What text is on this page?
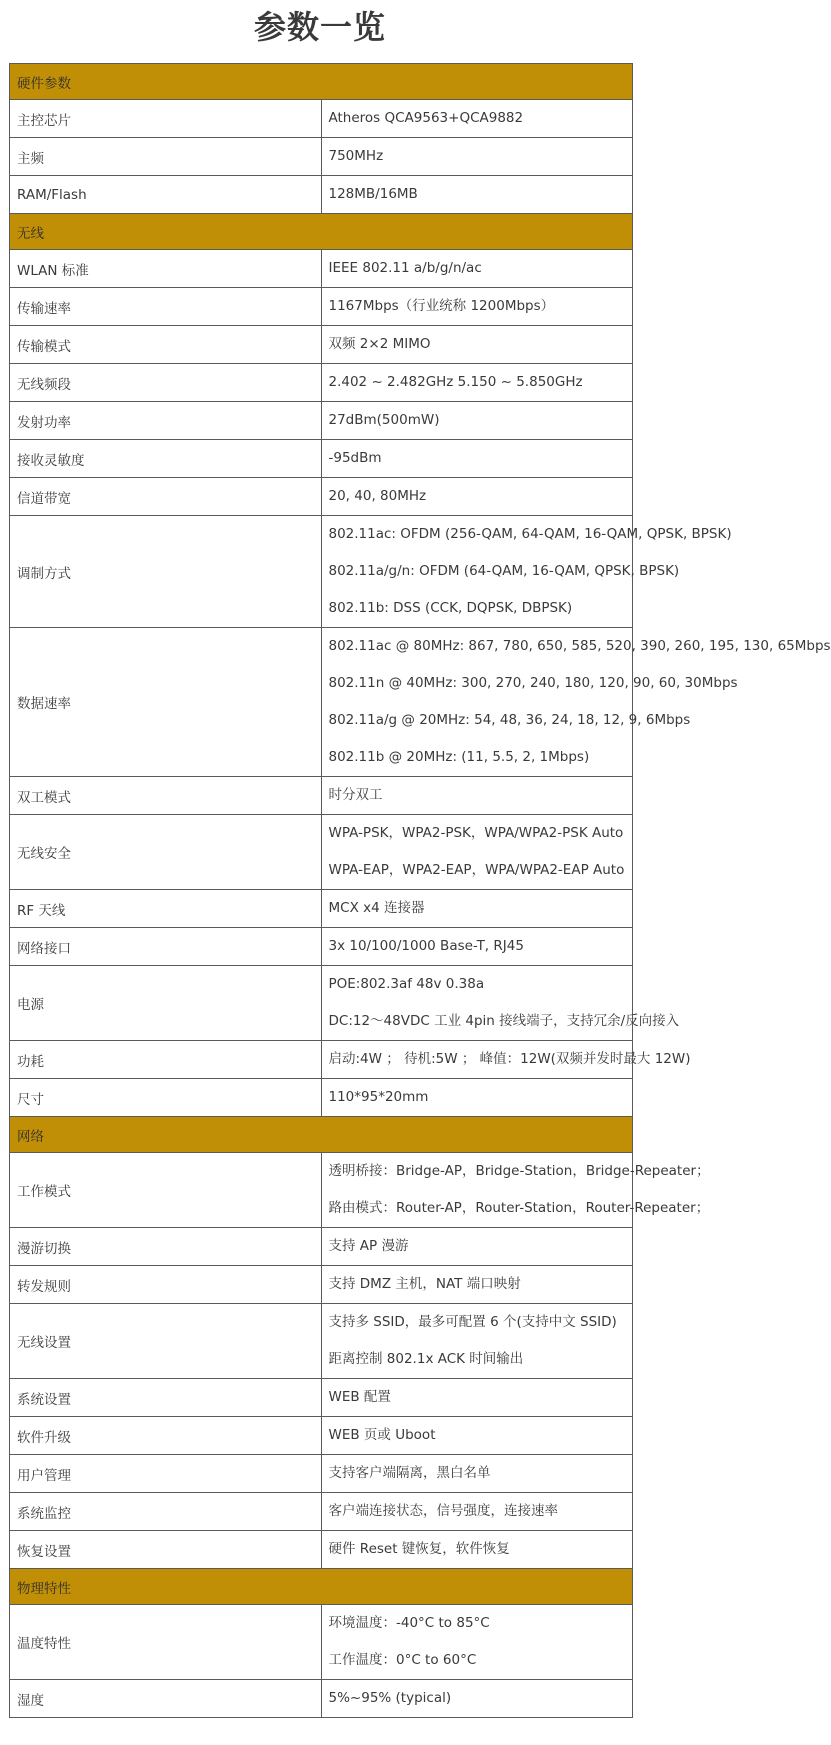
参数一览
硬件参数	
主控芯片	Atheros QCA9563+QCA9882

主频	750MHz

RAM/Flash	128MB/16MB

无线	
WLAN 标准	IEEE 802.11 a/b/g/n/ac

传输速率	1167Mbps（行业统称 1200Mbps）

传输模式	双频 2×2 MIMO

无线频段	2.402 ~ 2.482GHz 5.150 ~ 5.850GHz

发射功率	27dBm(500mW)

接收灵敏度	-95dBm

信道带宽	20, 40, 80MHz

调制方式	802.11ac: OFDM (256-QAM, 64-QAM, 16-QAM, QPSK, BPSK)
802.11a/g/n: OFDM (64-QAM, 16-QAM, QPSK, BPSK)
802.11b: DSS (CCK, DQPSK, DBPSK)

数据速率	802.11ac @ 80MHz: 867, 780, 650, 585, 520, 390, 260, 195, 130, 65Mbps
802.11n @ 40MHz: 300, 270, 240, 180, 120, 90, 60, 30Mbps
802.11a/g @ 20MHz: 54, 48, 36, 24, 18, 12, 9, 6Mbps
802.11b @ 20MHz: (11, 5.5, 2, 1Mbps)

双工模式	时分双工

无线安全	WPA-PSK，WPA2-PSK，WPA/WPA2-PSK Auto
WPA-EAP，WPA2-EAP，WPA/WPA2-EAP Auto

RF 天线	MCX x4 连接器

网络接口	3x 10/100/1000 Base-T, RJ45

电源	POE:802.3af 48v 0.38a
DC:12～48VDC 工业 4pin 接线端子，支持冗余/反向接入

功耗	启动:4W ； 待机:5W ； 峰值：12W(双频并发时最大 12W)

尺寸	110*95*20mm

网络	
工作模式	透明桥接：Bridge-AP，Bridge-Station，Bridge-Repeater；
路由模式：Router-AP，Router-Station，Router-Repeater；

漫游切换	支持 AP 漫游

转发规则	支持 DMZ 主机，NAT 端口映射

无线设置	支持多 SSID，最多可配置 6 个(支持中文 SSID)
距离控制 802.1x ACK 时间输出

系统设置	WEB 配置

软件升级	WEB 页或 Uboot

用户管理	支持客户端隔离，黑白名单

系统监控	客户端连接状态，信号强度，连接速率

恢复设置	硬件 Reset 键恢复，软件恢复

物理特性	
温度特性	环境温度：-40°C to 85°C
工作温度：0°C to 60°C

湿度	5%~95% (typical)
